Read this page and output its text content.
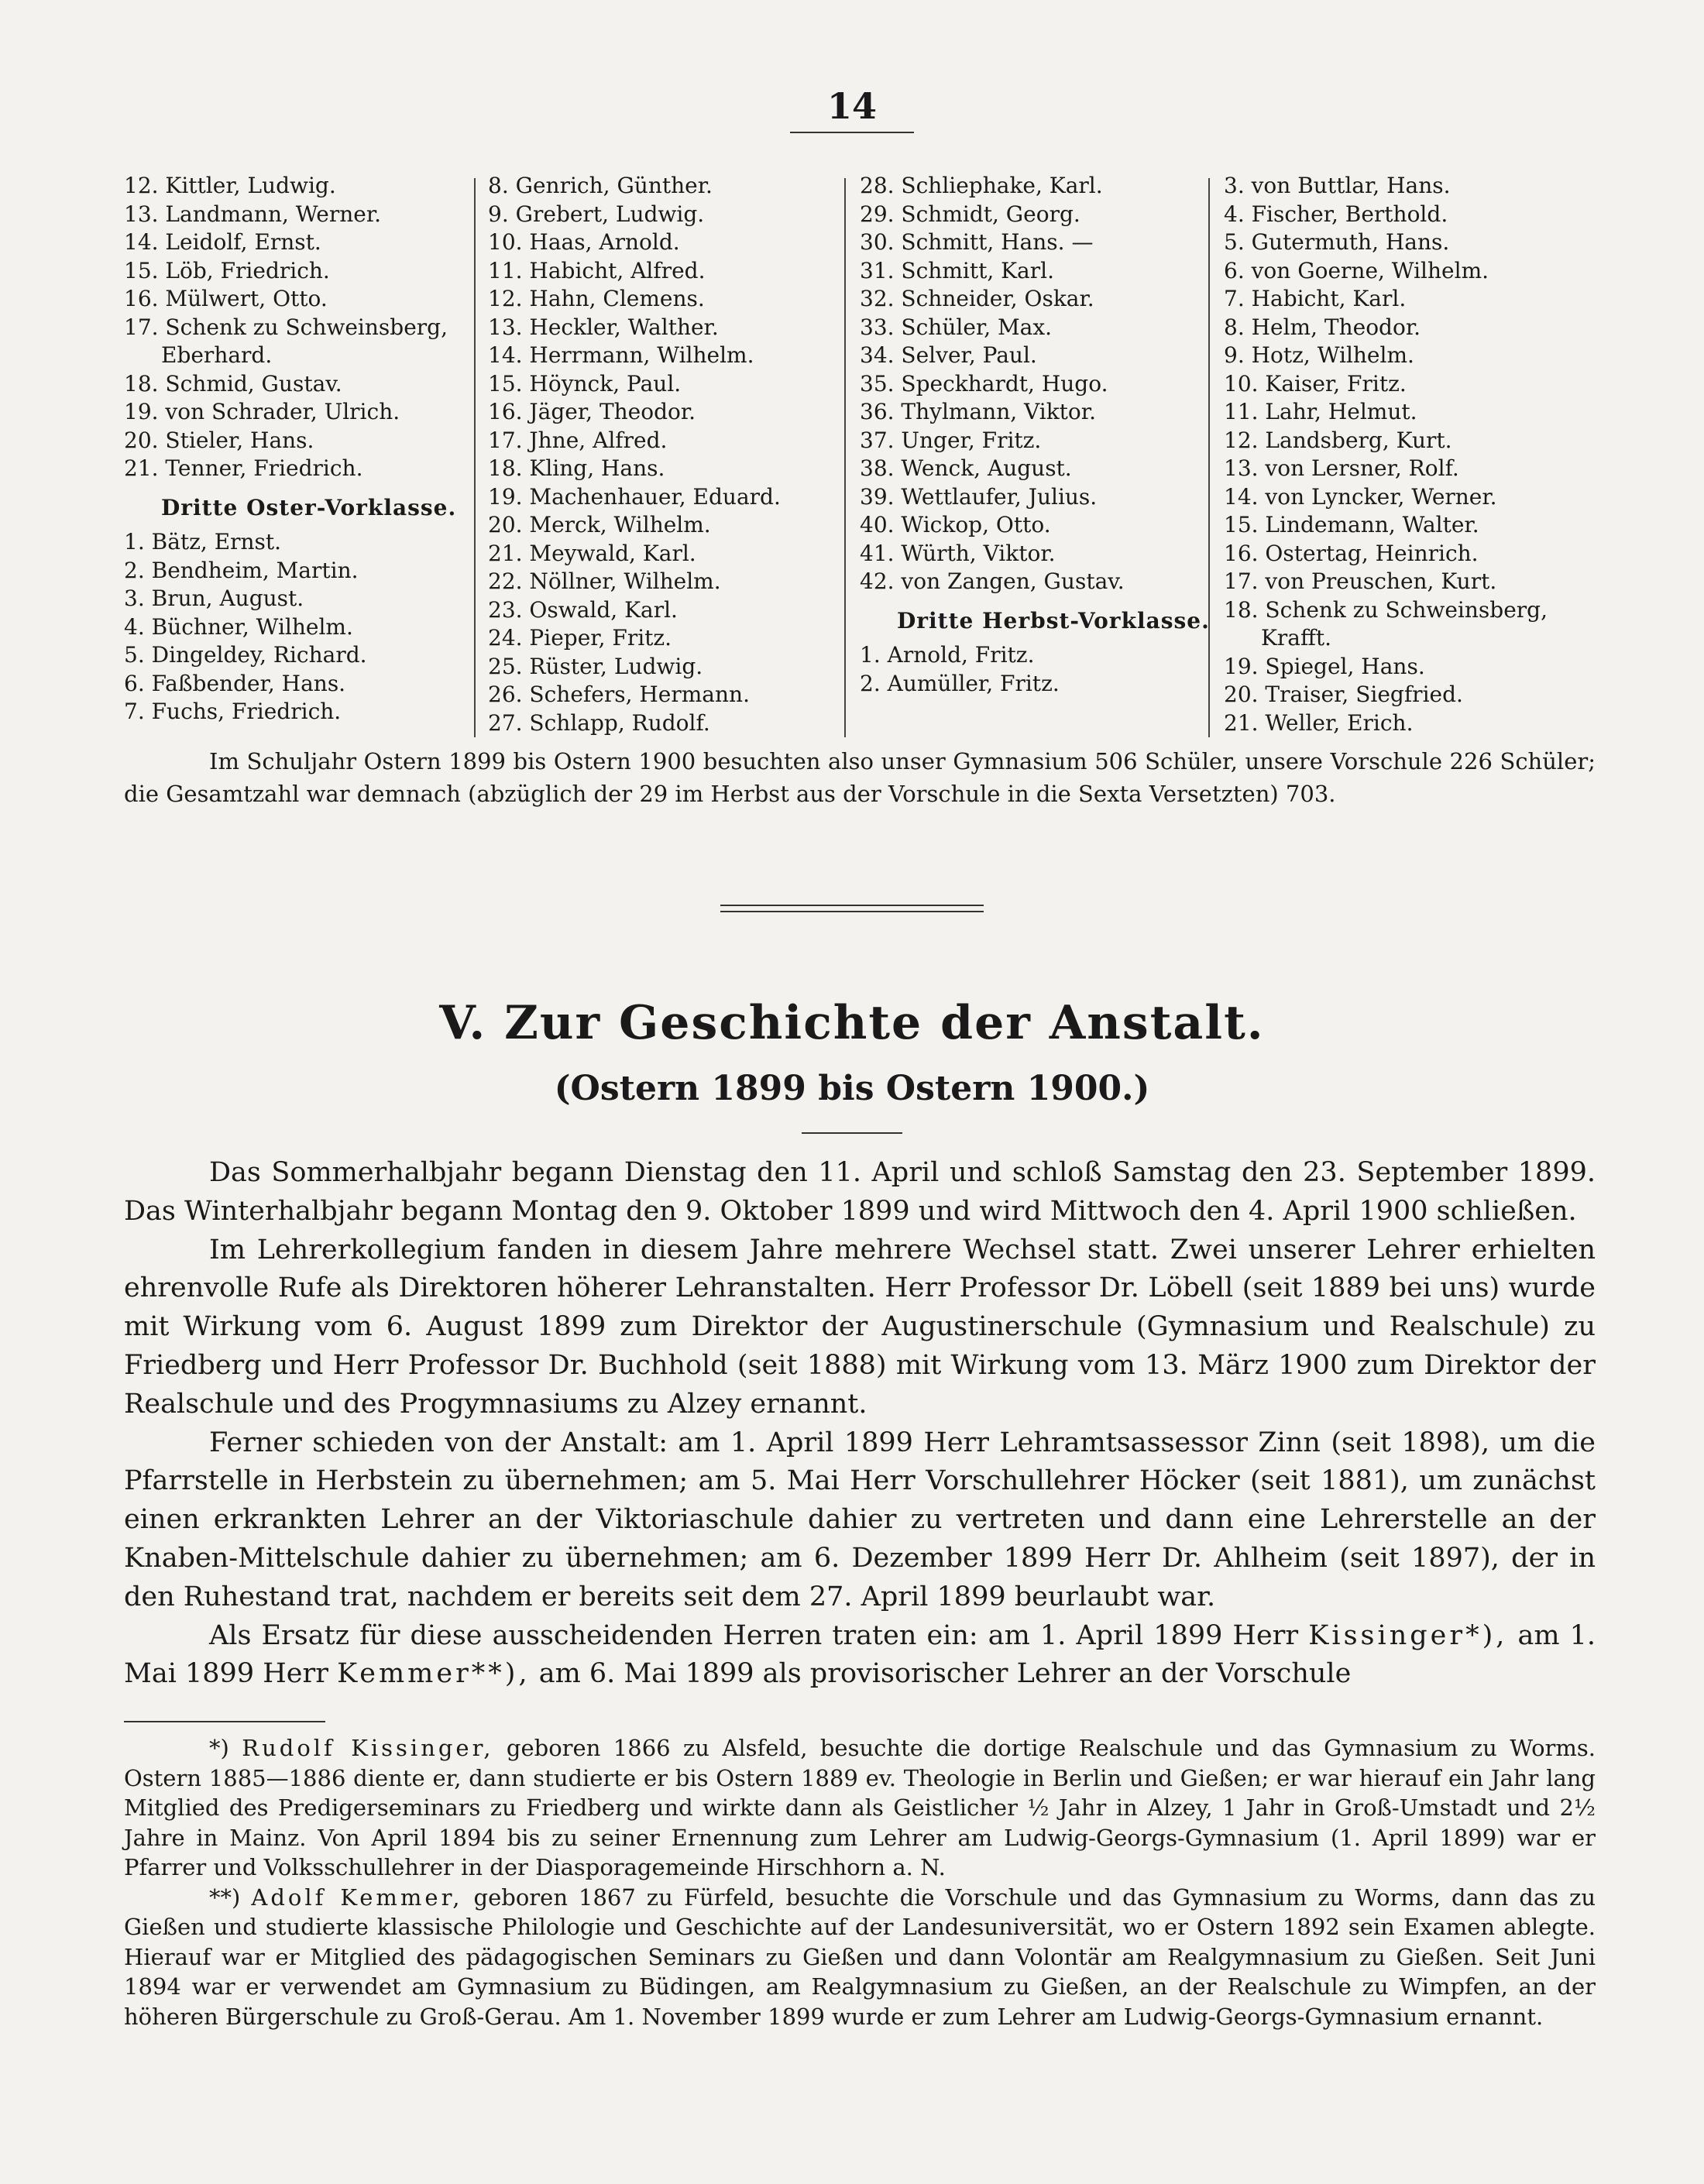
14
12. Kittler, Ludwig.
13. Landmann, Werner.
14. Leidolf, Ernst.
15. Löb, Friedrich.
16. Mülwert, Otto.
17. Schenk zu Schweinsberg,
Eberhard.
18. Schmid, Gustav.
19. von Schrader, Ulrich.
20. Stieler, Hans.
21. Tenner, Friedrich.
Dritte Oster-Vorklasse.
1. Bätz, Ernst.
2. Bendheim, Martin.
3. Brun, August.
4. Büchner, Wilhelm.
5. Dingeldey, Richard.
6. Faßbender, Hans.
7. Fuchs, Friedrich.
8. Genrich, Günther.
9. Grebert, Ludwig.
10. Haas, Arnold.
11. Habicht, Alfred.
12. Hahn, Clemens.
13. Heckler, Walther.
14. Herrmann, Wilhelm.
15. Höynck, Paul.
16. Jäger, Theodor.
17. Jhne, Alfred.
18. Kling, Hans.
19. Machenhauer, Eduard.
20. Merck, Wilhelm.
21. Meywald, Karl.
22. Nöllner, Wilhelm.
23. Oswald, Karl.
24. Pieper, Fritz.
25. Rüster, Ludwig.
26. Schefers, Hermann.
27. Schlapp, Rudolf.
28. Schliephake, Karl.
29. Schmidt, Georg.
30. Schmitt, Hans. —
31. Schmitt, Karl.
32. Schneider, Oskar.
33. Schüler, Max.
34. Selver, Paul.
35. Speckhardt, Hugo.
36. Thylmann, Viktor.
37. Unger, Fritz.
38. Wenck, August.
39. Wettlaufer, Julius.
40. Wickop, Otto.
41. Würth, Viktor.
42. von Zangen, Gustav.
Dritte Herbst-Vorklasse.
1. Arnold, Fritz.
2. Aumüller, Fritz.
3. von Buttlar, Hans.
4. Fischer, Berthold.
5. Gutermuth, Hans.
6. von Goerne, Wilhelm.
7. Habicht, Karl.
8. Helm, Theodor.
9. Hotz, Wilhelm.
10. Kaiser, Fritz.
11. Lahr, Helmut.
12. Landsberg, Kurt.
13. von Lersner, Rolf.
14. von Lyncker, Werner.
15. Lindemann, Walter.
16. Ostertag, Heinrich.
17. von Preuschen, Kurt.
18. Schenk zu Schweinsberg,
Krafft.
19. Spiegel, Hans.
20. Traiser, Siegfried.
21. Weller, Erich.

Im Schuljahr Ostern 1899 bis Ostern 1900 besuchten also unser Gymnasium 506 Schüler, unsere Vorschule 226 Schüler; die Gesamtzahl war demnach (abzüglich der 29 im Herbst aus der Vorschule in die Sexta Versetzten) 703.

V. Zur Geschichte der Anstalt.
(Ostern 1899 bis Ostern 1900.)

Das Sommerhalbjahr begann Dienstag den 11. April und schloß Samstag den 23. September 1899. Das Winterhalbjahr begann Montag den 9. Oktober 1899 und wird Mittwoch den 4. April 1900 schließen.

Im Lehrerkollegium fanden in diesem Jahre mehrere Wechsel statt. Zwei unserer Lehrer erhielten ehrenvolle Rufe als Direktoren höherer Lehranstalten. Herr Professor Dr. Löbell (seit 1889 bei uns) wurde mit Wirkung vom 6. August 1899 zum Direktor der Augustinerschule (Gymnasium und Realschule) zu Friedberg und Herr Professor Dr. Buchhold (seit 1888) mit Wirkung vom 13. März 1900 zum Direktor der Realschule und des Progymnasiums zu Alzey ernannt.

Ferner schieden von der Anstalt: am 1. April 1899 Herr Lehramtsassessor Zinn (seit 1898), um die Pfarrstelle in Herbstein zu übernehmen; am 5. Mai Herr Vorschullehrer Höcker (seit 1881), um zunächst einen erkrankten Lehrer an der Viktoriaschule dahier zu vertreten und dann eine Lehrerstelle an der Knaben-Mittelschule dahier zu übernehmen; am 6. Dezember 1899 Herr Dr. Ahlheim (seit 1897), der in den Ruhestand trat, nachdem er bereits seit dem 27. April 1899 beurlaubt war.

Als Ersatz für diese ausscheidenden Herren traten ein: am 1. April 1899 Herr Kissinger*), am 1. Mai 1899 Herr Kemmer**), am 6. Mai 1899 als provisorischer Lehrer an der Vorschule

*) Rudolf Kissinger, geboren 1866 zu Alsfeld, besuchte die dortige Realschule und das Gymnasium zu Worms. Ostern 1885—1886 diente er, dann studierte er bis Ostern 1889 ev. Theologie in Berlin und Gießen; er war hierauf ein Jahr lang Mitglied des Predigerseminars zu Friedberg und wirkte dann als Geistlicher ½ Jahr in Alzey, 1 Jahr in Groß-Umstadt und 2½ Jahre in Mainz. Von April 1894 bis zu seiner Ernennung zum Lehrer am Ludwig-Georgs-Gymnasium (1. April 1899) war er Pfarrer und Volksschullehrer in der Diasporagemeinde Hirschhorn a. N.

**) Adolf Kemmer, geboren 1867 zu Fürfeld, besuchte die Vorschule und das Gymnasium zu Worms, dann das zu Gießen und studierte klassische Philologie und Geschichte auf der Landesuniversität, wo er Ostern 1892 sein Examen ablegte. Hierauf war er Mitglied des pädagogischen Seminars zu Gießen und dann Volontär am Realgymnasium zu Gießen. Seit Juni 1894 war er verwendet am Gymnasium zu Büdingen, am Realgymnasium zu Gießen, an der Realschule zu Wimpfen, an der höheren Bürgerschule zu Groß-Gerau. Am 1. November 1899 wurde er zum Lehrer am Ludwig-Georgs-Gymnasium ernannt.
